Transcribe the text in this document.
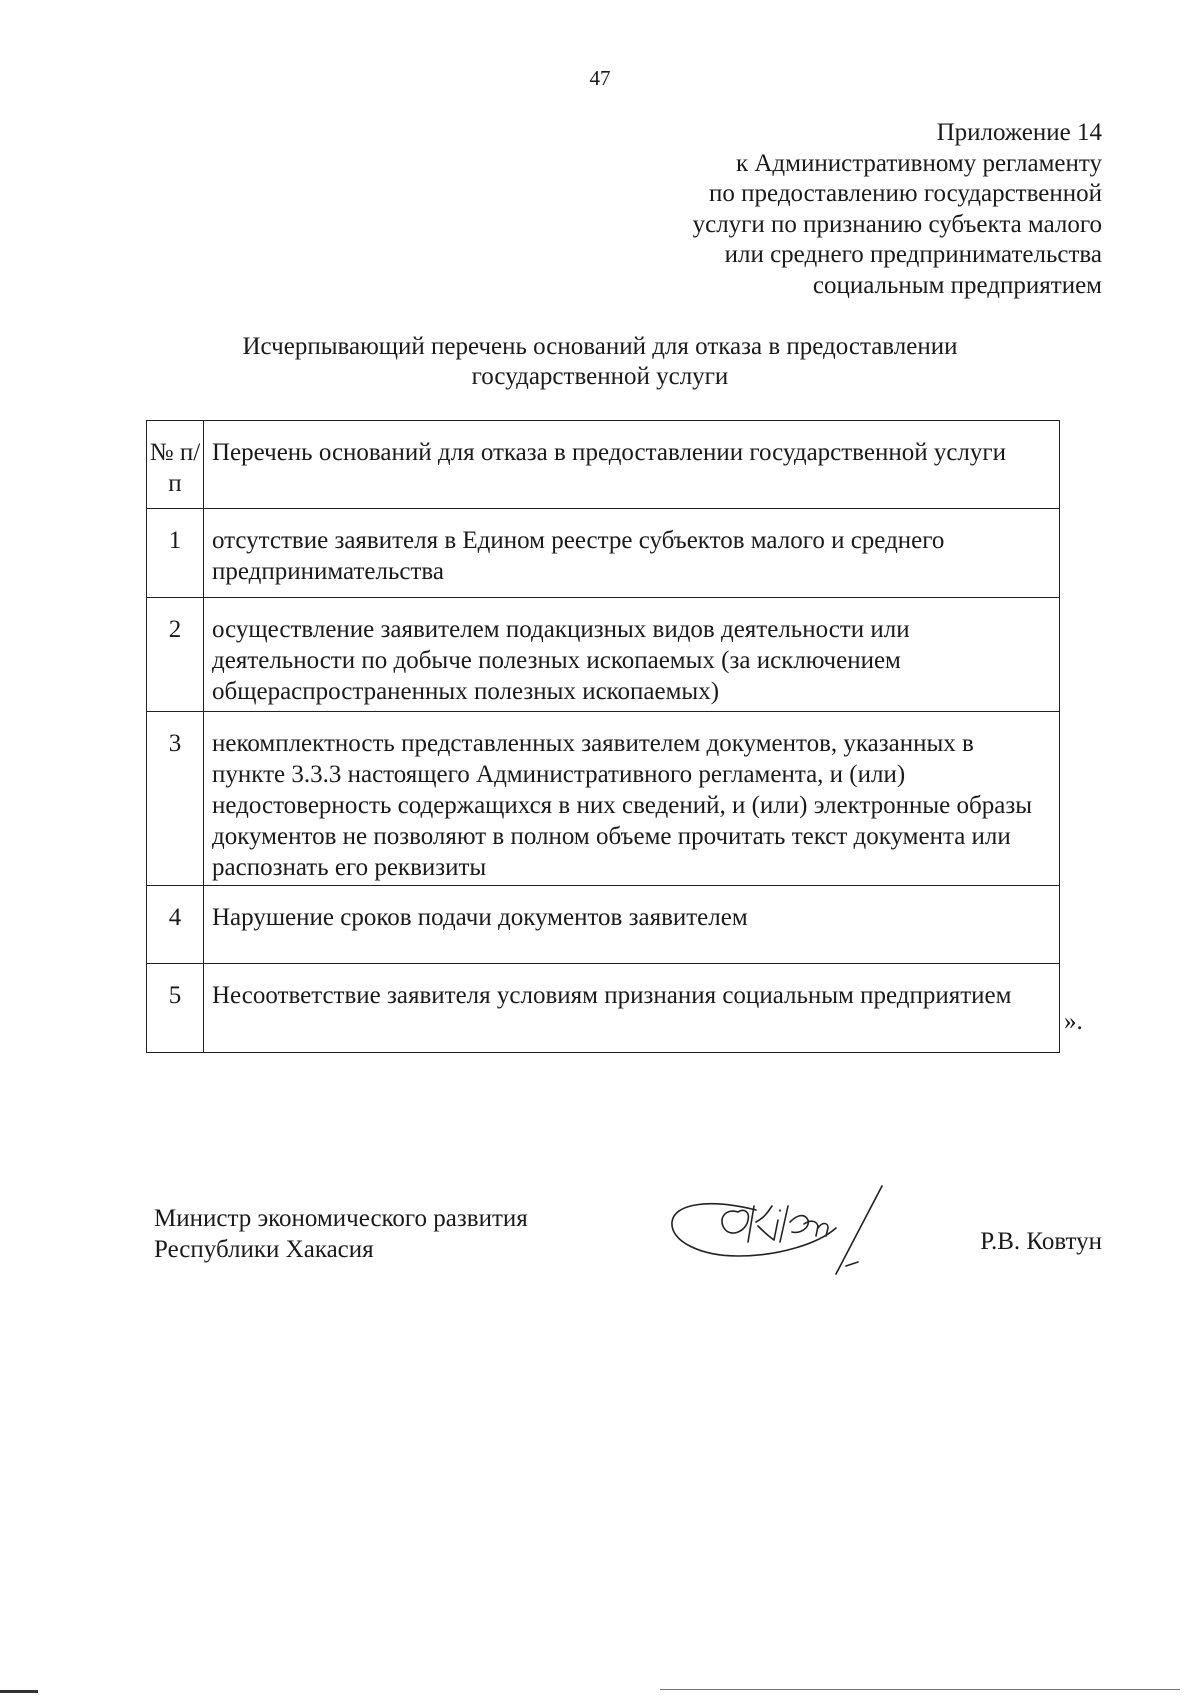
47
Приложение 14
к Административному регламенту
по предоставлению государственной
услуги по признанию субъекта малого
или среднего предпринимательства
социальным предприятием
Исчерпывающий перечень оснований для отказа в предоставлении
государственной услуги
№ п/п	Перечень оснований для отказа в предоставлении государственной услуги
1	отсутствие заявителя в Едином реестре субъектов малого и среднего предпринимательства
2	осуществление заявителем подакцизных видов деятельности или деятельности по добыче полезных ископаемых (за исключением общераспространенных полезных ископаемых)
3	некомплектность представленных заявителем документов, указанных в пункте 3.3.3 настоящего Административного регламента, и (или) недостоверность содержащихся в них сведений, и (или) электронные образы документов не позволяют в полном объеме прочитать текст документа или распознать его реквизиты
4	Нарушение сроков подачи документов заявителем
5	Несоответствие заявителя условиям признания социальным предприятием
».
Министр экономического развития
Республики Хакасия	Р.В. Ковтун
